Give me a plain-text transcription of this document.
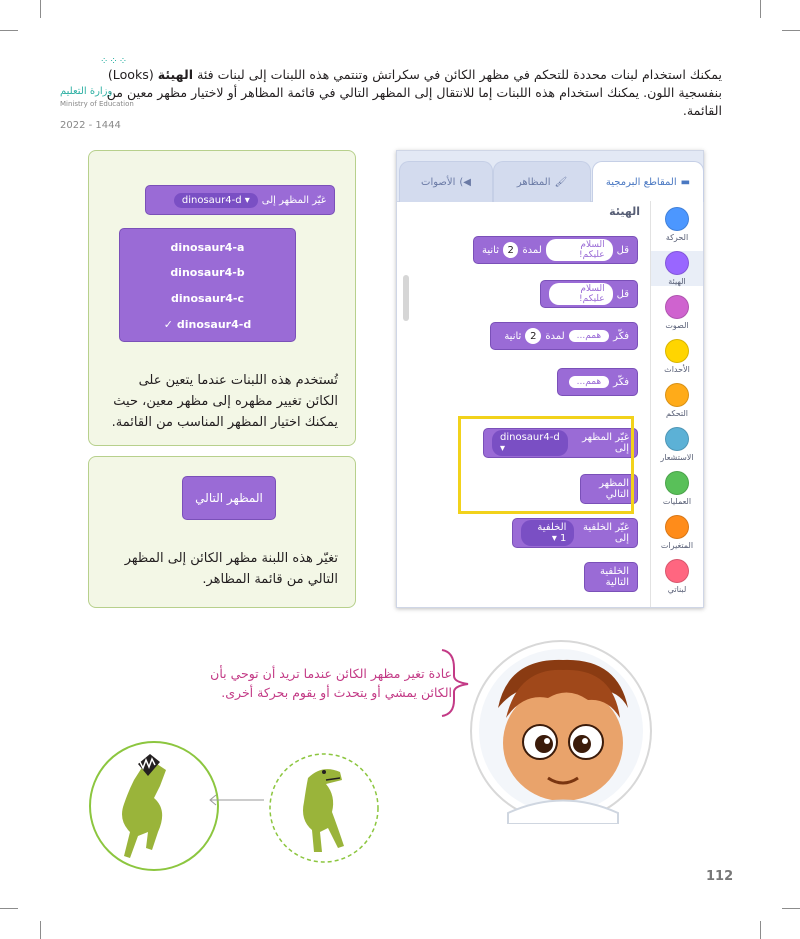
⁘⁘⁘
وزارة التعليم
Ministry of Education
2022 - 1444
يمكنك استخدام لبنات محددة للتحكم في مظهر الكائن في سكراتش وتنتمي هذه اللبنات إلى لبنات فئة الهيئة (Looks) بنفسجية اللون. يمكنك استخدام هذه اللبنات إما للانتقال إلى المظهر التالي في قائمة المظاهر أو لاختيار مظهر معين من القائمة.
غيّر المظهر إلى
dinosaur4-d ▾
dinosaur4-a
dinosaur4-b
dinosaur4-c
✓ dinosaur4-d
تُستخدم هذه اللبنات عندما يتعين على الكائن تغيير مظهره إلى مظهر معين، حيث يمكنك اختيار المظهر المناسب من القائمة.
المظهر التالي
تغيّر هذه اللبنة مظهر الكائن إلى المظهر التالي من قائمة المظاهر.
▬
المقاطع البرمجية
🖌
المظاهر
◀)
الأصوات
الحركة
الهيئة
الصوت
الأحداث
التحكم
الاستشعار
العمليات
المتغيرات
لبناتي
الهيئة
قل
السلام عليكم!
لمدة
2
ثانية
قل
السلام عليكم!
فكّر
همم...
لمدة
2
ثانية
فكّر
همم...
غيّر المظهر إلى
dinosaur4-d ▾
المظهر التالي
غيّر الخلفية إلى
الخلفية 1 ▾
الخلفية التالية
عادة تغير مظهر الكائن عندما تريد أن توحي بأن الكائن يمشي أو يتحدث أو يقوم بحركة أخرى.
112
